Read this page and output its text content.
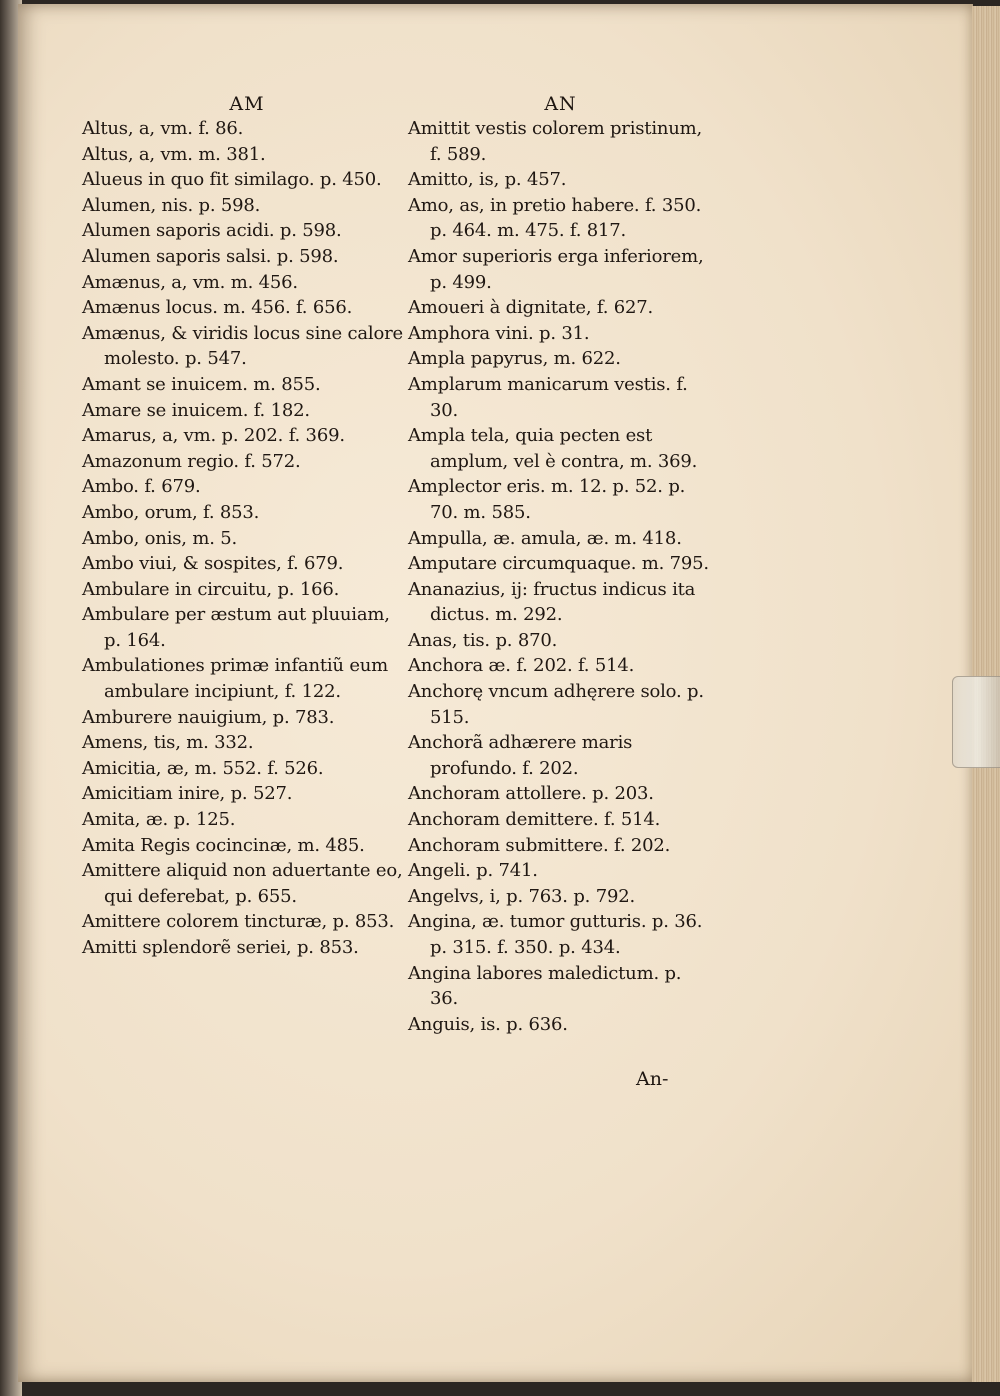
AM
Altus, a, vm. f. 86.
Altus, a, vm. m. 381.
Alueus in quo fit similago. p. 450.
Alumen, nis. p. 598.
Alumen saporis acidi. p. 598.
Alumen saporis salsi. p. 598.
Amænus, a, vm. m. 456.
Amænus locus. m. 456. f. 656.
Amænus, & viridis locus sine calore molesto. p. 547.
Amant se inuicem. m. 855.
Amare se inuicem. f. 182.
Amarus, a, vm. p. 202. f. 369.
Amazonum regio. f. 572.
Ambo. f. 679.
Ambo, orum, f. 853.
Ambo, onis, m. 5.
Ambo viui, & sospites, f. 679.
Ambulare in circuitu, p. 166.
Ambulare per æstum aut pluuiam, p. 164.
Ambulationes primæ infantiũ eum ambulare incipiunt, f. 122.
Amburere nauigium, p. 783.
Amens, tis, m. 332.
Amicitia, æ, m. 552. f. 526.
Amicitiam inire, p. 527.
Amita, æ. p. 125.
Amita Regis cocincinæ, m. 485.
Amittere aliquid non aduertante eo, qui deferebat, p. 655.
Amittere colorem tincturæ, p. 853.
Amitti splendorẽ seriei, p. 853.
AN
Amittit vestis colorem pristinum, f. 589.
Amitto, is, p. 457.
Amo, as, in pretio habere. f. 350. p. 464. m. 475. f. 817.
Amor superioris erga inferiorem, p. 499.
Amoueri à dignitate, f. 627.
Amphora vini. p. 31.
Ampla papyrus, m. 622.
Amplarum manicarum vestis. f. 30.
Ampla tela, quia pecten est amplum, vel è contra, m. 369.
Amplector eris. m. 12. p. 52. p. 70. m. 585.
Ampulla, æ. amula, æ. m. 418.
Amputare circumquaque. m. 795.
Ananazius, ij: fructus indicus ita dictus. m. 292.
Anas, tis. p. 870.
Anchora æ. f. 202. f. 514.
Anchorę vncum adhęrere solo. p. 515.
Anchorã adhærere maris profundo. f. 202.
Anchoram attollere. p. 203.
Anchoram demittere. f. 514.
Anchoram submittere. f. 202.
Angeli. p. 741.
Angelvs, i, p. 763. p. 792.
Angina, æ. tumor gutturis. p. 36. p. 315. f. 350. p. 434.
Angina labores maledictum. p. 36.
Anguis, is. p. 636.
An-
